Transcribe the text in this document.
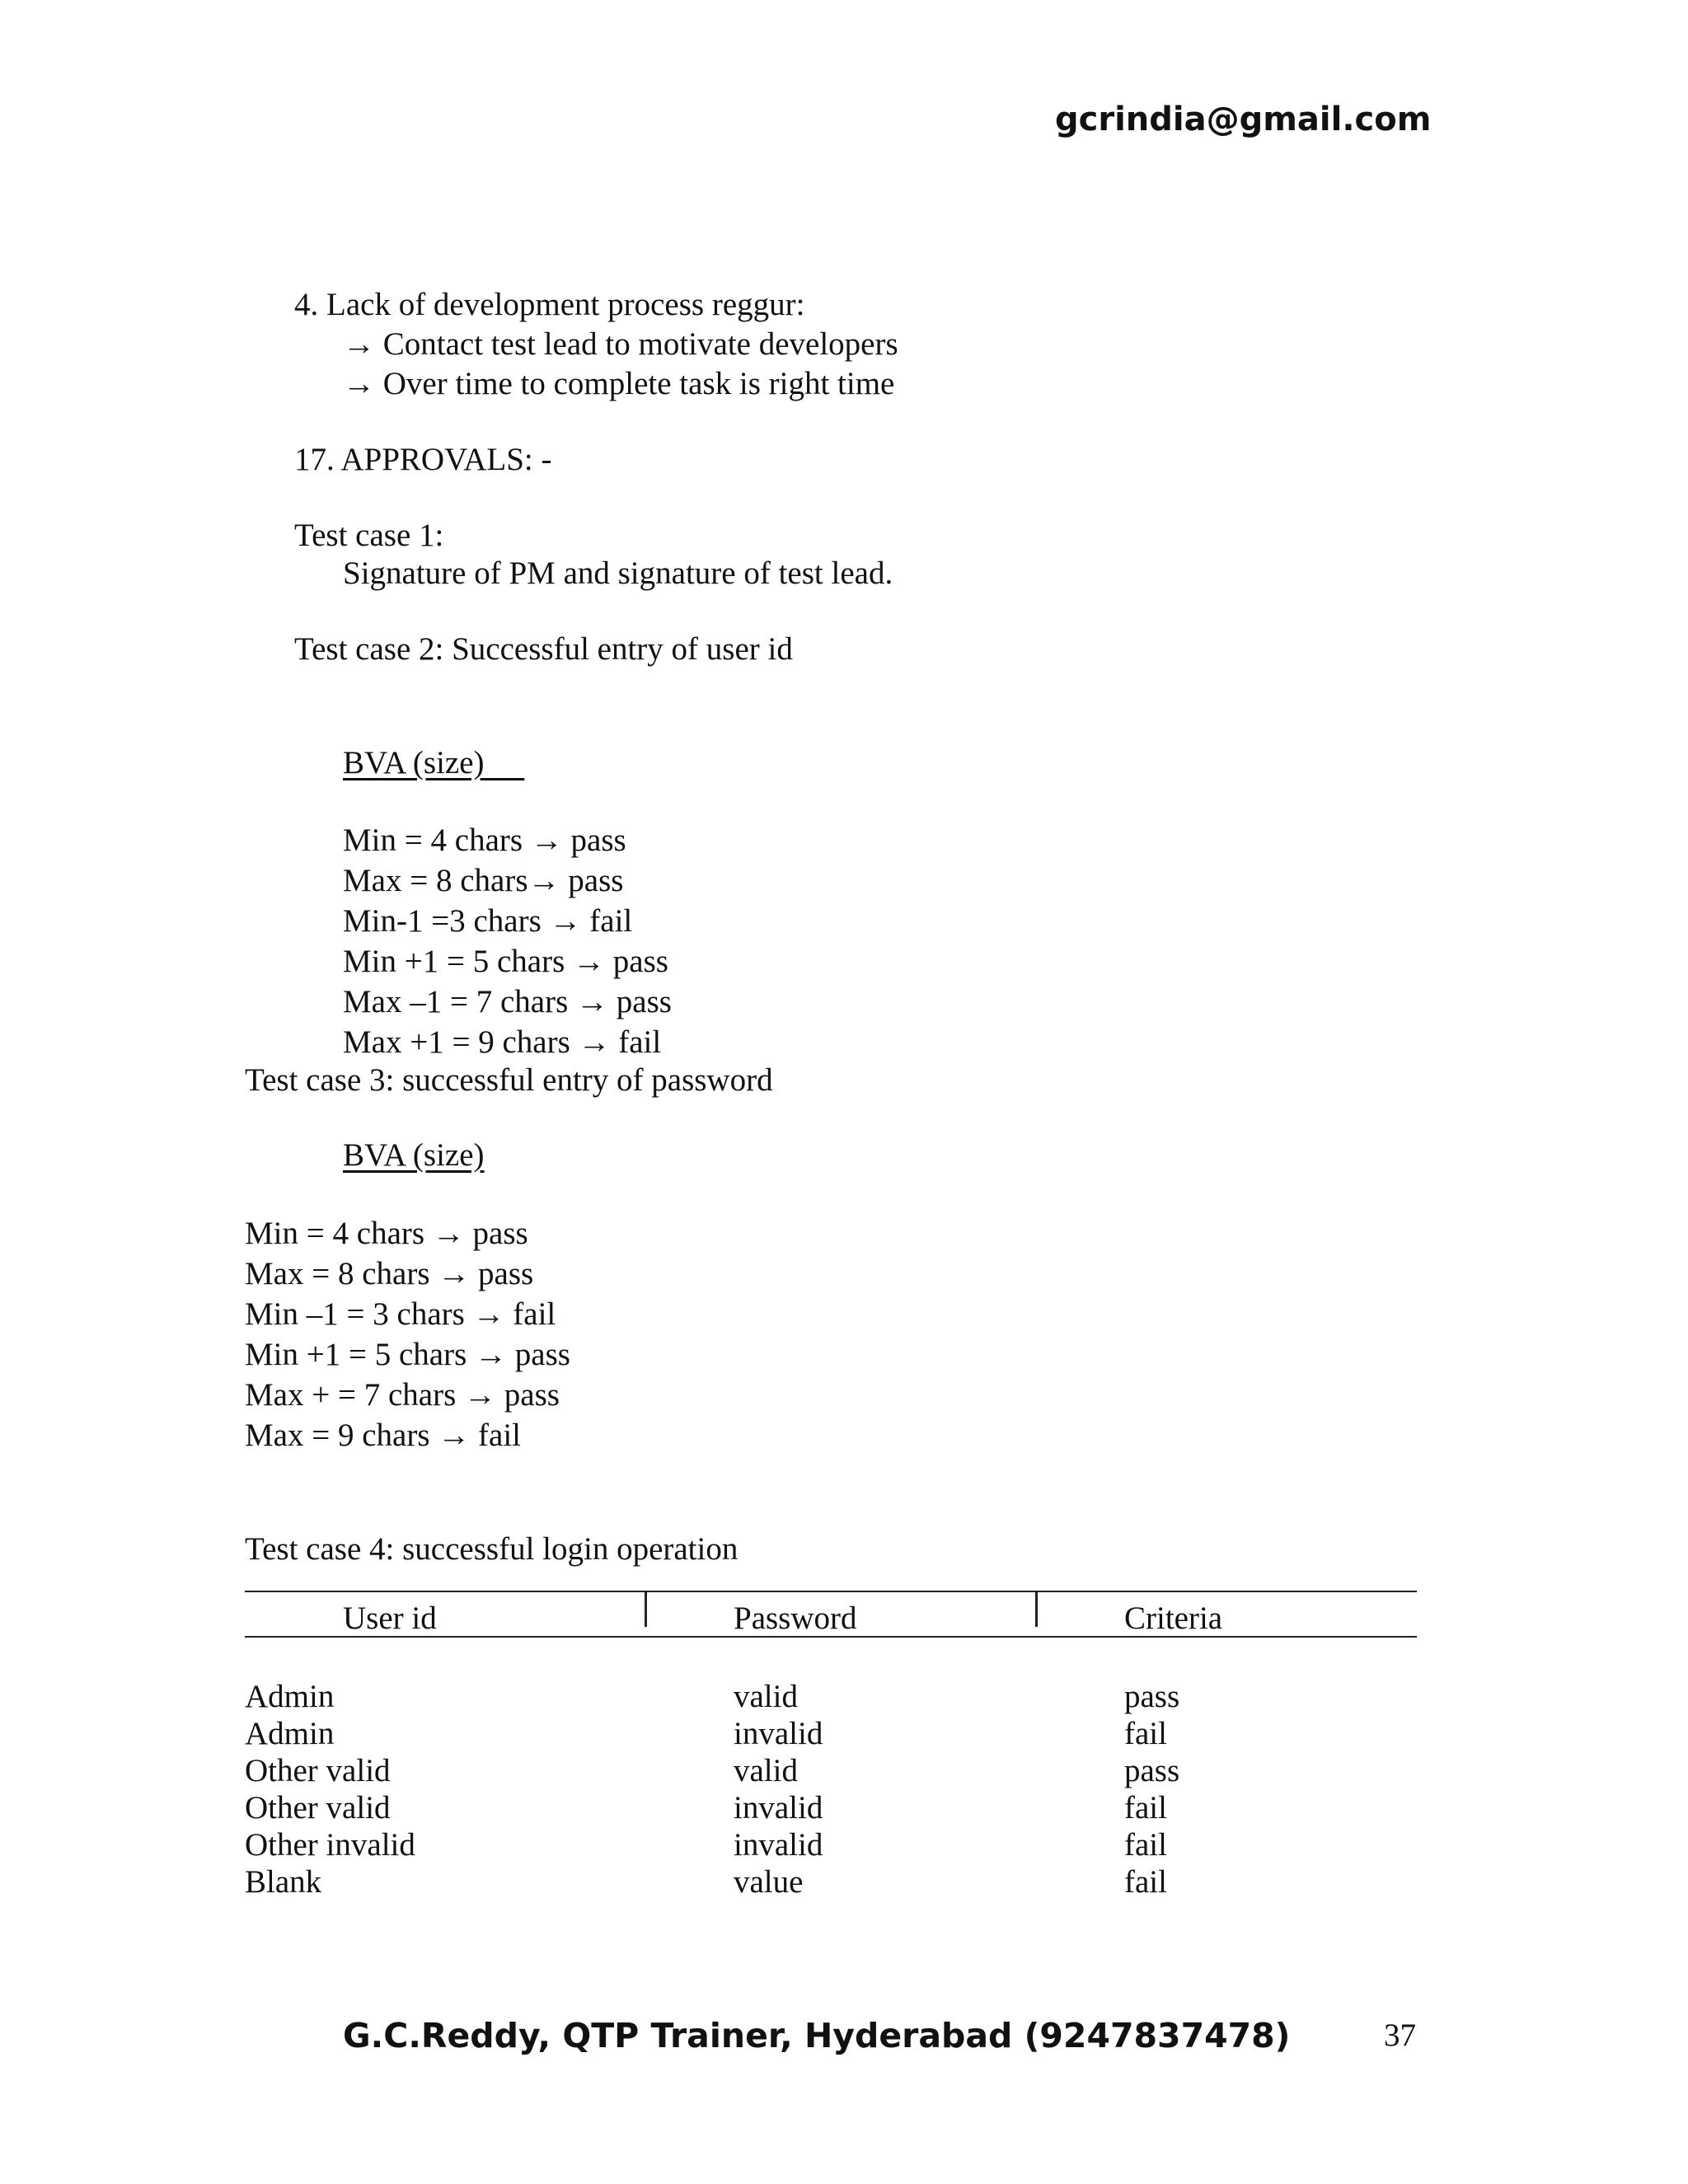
gcrindia@gmail.com
4. Lack of development process reggur:
→ Contact test lead to motivate developers
→ Over time to complete task is right time
17. APPROVALS: -
Test case 1:
Signature of PM and signature of test lead.
Test case 2: Successful entry of user id
BVA (size)
Min = 4 chars → pass
Max = 8 chars→ pass
Min-1 =3 chars → fail
Min +1 = 5 chars → pass
Max –1 = 7 chars → pass
Max +1 = 9 chars → fail
Test case 3: successful entry of password
BVA (size)
Min = 4 chars → pass
Max = 8 chars → pass
Min –1 = 3 chars → fail
Min +1 = 5 chars → pass
Max + = 7 chars → pass
Max = 9 chars → fail
Test case 4: successful login operation
User id	Password	Criteria
Admin	valid	pass
Admin	invalid	fail
Other valid	valid	pass
Other valid	invalid	fail
Other invalid	invalid	fail
Blank	value	fail
G.C.Reddy, QTP Trainer, Hyderabad (9247837478)	37
